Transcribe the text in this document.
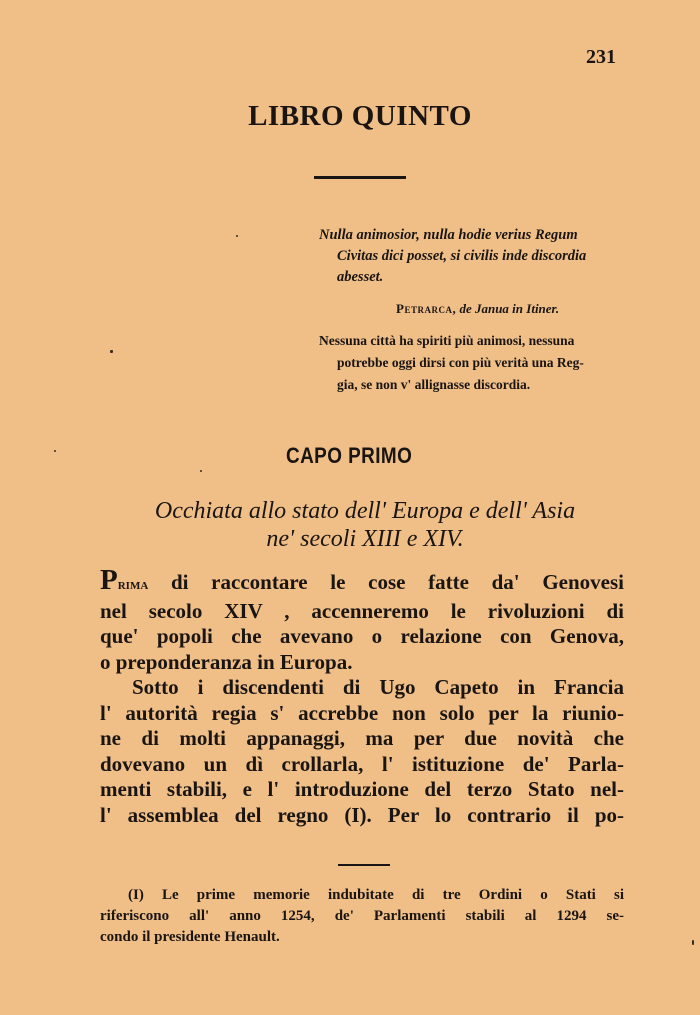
231
LIBRO QUINTO
Nulla animosior, nulla hodie verius Regum
Civitas dici posset, si civilis inde discordia
abesset.
Petrarca, de Janua in Itiner.
Nessuna città ha spiriti più animosi, nessuna
potrebbe oggi dirsi con più verità una Reg-
gia, se non v' allignasse discordia.
CAPO PRIMO
Occhiata allo stato dell' Europa e dell' Asia
ne' secoli XIII e XIV.
Prima di raccontare le cose fatte da' Genovesi
nel secolo XIV , accenneremo le rivoluzioni di
que' popoli che avevano o relazione con Genova,
o preponderanza in Europa.
Sotto i discendenti di Ugo Capeto in Francia
l' autorità regia s' accrebbe non solo per la riunio-
ne di molti appanaggi, ma per due novità che
dovevano un dì crollarla, l' istituzione de' Parla-
menti stabili, e l' introduzione del terzo Stato nel-
l' assemblea del regno (I). Per lo contrario il po-
(I) Le prime memorie indubitate di tre Ordini o Stati si
riferiscono all' anno 1254, de' Parlamenti stabili al 1294 se-
condo il presidente Henault.
